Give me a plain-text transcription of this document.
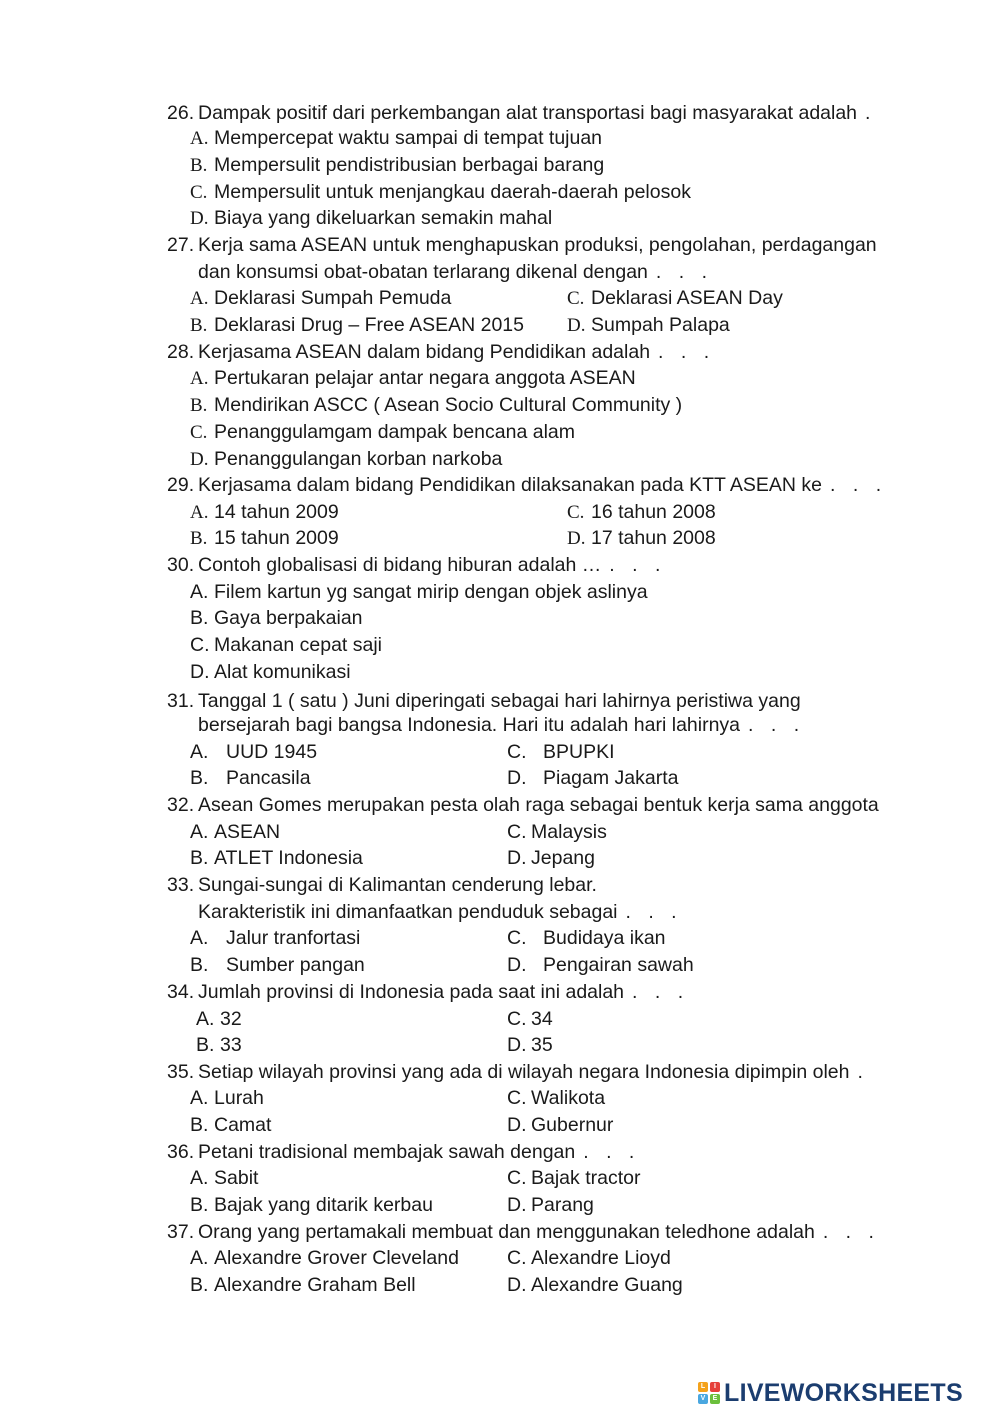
26. Dampak positif dari perkembangan alat transportasi bagi masyarakat adalah .
A. Mempercepat waktu sampai di tempat tujuan
B. Mempersulit pendistribusian berbagai barang
C. Mempersulit untuk menjangkau daerah-daerah pelosok
D. Biaya yang dikeluarkan semakin mahal
27. Kerja sama ASEAN untuk menghapuskan produksi, pengolahan, perdagangan
dan konsumsi obat-obatan terlarang dikenal dengan . . .
A. Deklarasi Sumpah Pemuda	C. Deklarasi ASEAN Day
B. Deklarasi Drug – Free ASEAN 2015 D. Sumpah Palapa
28. Kerjasama ASEAN dalam bidang Pendidikan adalah . . .
A. Pertukaran pelajar antar negara anggota ASEAN
B. Mendirikan ASCC ( Asean Socio Cultural Community )
C. Penanggulamgam dampak bencana alam
D. Penanggulangan korban narkoba
29. Kerjasama dalam bidang Pendidikan dilaksanakan pada KTT ASEAN ke . . .
A. 14 tahun 2009	C. 16 tahun 2008
B. 15 tahun 2009	D. 17 tahun 2008
30. Contoh globalisasi di bidang hiburan adalah … . . .
A. Filem kartun yg sangat mirip dengan objek aslinya
B. Gaya berpakaian
C. Makanan cepat saji
D. Alat komunikasi
31. Tanggal 1 ( satu ) Juni diperingati sebagai hari lahirnya peristiwa yang
bersejarah bagi bangsa Indonesia. Hari itu adalah hari lahirnya . . .
A. UUD 1945	C. BPUPKI
B. Pancasila	D. Piagam Jakarta
32. Asean Gomes merupakan pesta olah raga sebagai bentuk kerja sama anggota
A. ASEAN	C. Malaysis
B. ATLET Indonesia	D. Jepang
33. Sungai-sungai di Kalimantan cenderung lebar.
Karakteristik ini dimanfaatkan penduduk sebagai . . .
A. Jalur tranfortasi	C. Budidaya ikan
B. Sumber pangan	D. Pengairan sawah
34. Jumlah provinsi di Indonesia pada saat ini adalah . . .
A. 32	C. 34
B. 33	D. 35
35. Setiap wilayah provinsi yang ada di wilayah negara Indonesia dipimpin oleh .
A. Lurah	C. Walikota
B. Camat	D. Gubernur
36. Petani tradisional membajak sawah dengan . . .
A. Sabit	C. Bajak tractor
B. Bajak yang ditarik kerbau	D. Parang
37. Orang yang pertamakali membuat dan menggunakan teledhone adalah . . .
A. Alexandre Grover Cleveland C. Alexandre Lioyd
B. Alexandre Graham Bell	D. Alexandre Guang
L	I
V	E LIVEWORKSHEETS
